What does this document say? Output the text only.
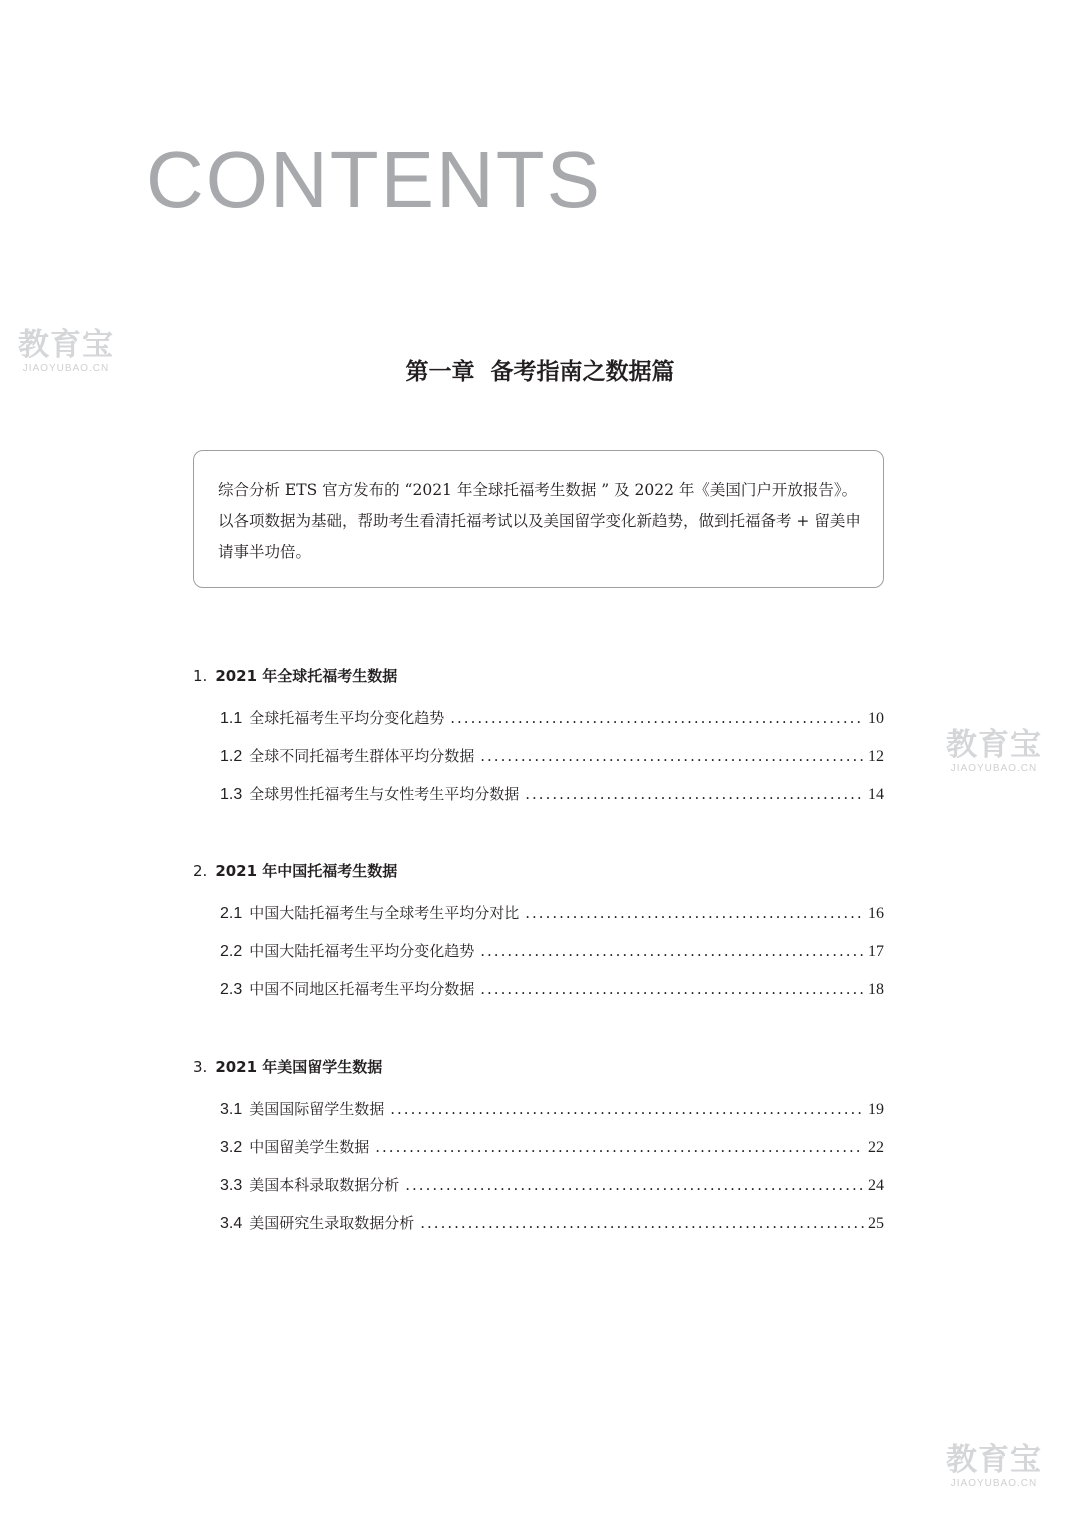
CONTENTS
第一章  备考指南之数据篇

综合分析 ETS 官方发布的 “2021 年全球托福考生数据 ” 及 2022 年《美国门户开放报告》。以各项数据为基础，帮助考生看清托福考试以及美国留学变化新趋势，做到托福备考 + 留美申请事半功倍。

1. 2021 年全球托福考生数据
1.1 全球托福考生平均分变化趋势 .....	10
1.2 全球不同托福考生群体平均分数据 .....	12
1.3 全球男性托福考生与女性考生平均分数据 .....	14
2. 2021 年中国托福考生数据
2.1 中国大陆托福考生与全球考生平均分对比 .....	16
2.2 中国大陆托福考生平均分变化趋势 .....	17
2.3 中国不同地区托福考生平均分数据 .....	18
3. 2021 年美国留学生数据
3.1 美国国际留学生数据 .....	19
3.2 中国留美学生数据 .....	22
3.3 美国本科录取数据分析 .....	24
3.4 美国研究生录取数据分析 .....	25
教育宝
JIAOYUBAO.CN
教育宝
JIAOYUBAO.CN
教育宝
JIAOYUBAO.CN
